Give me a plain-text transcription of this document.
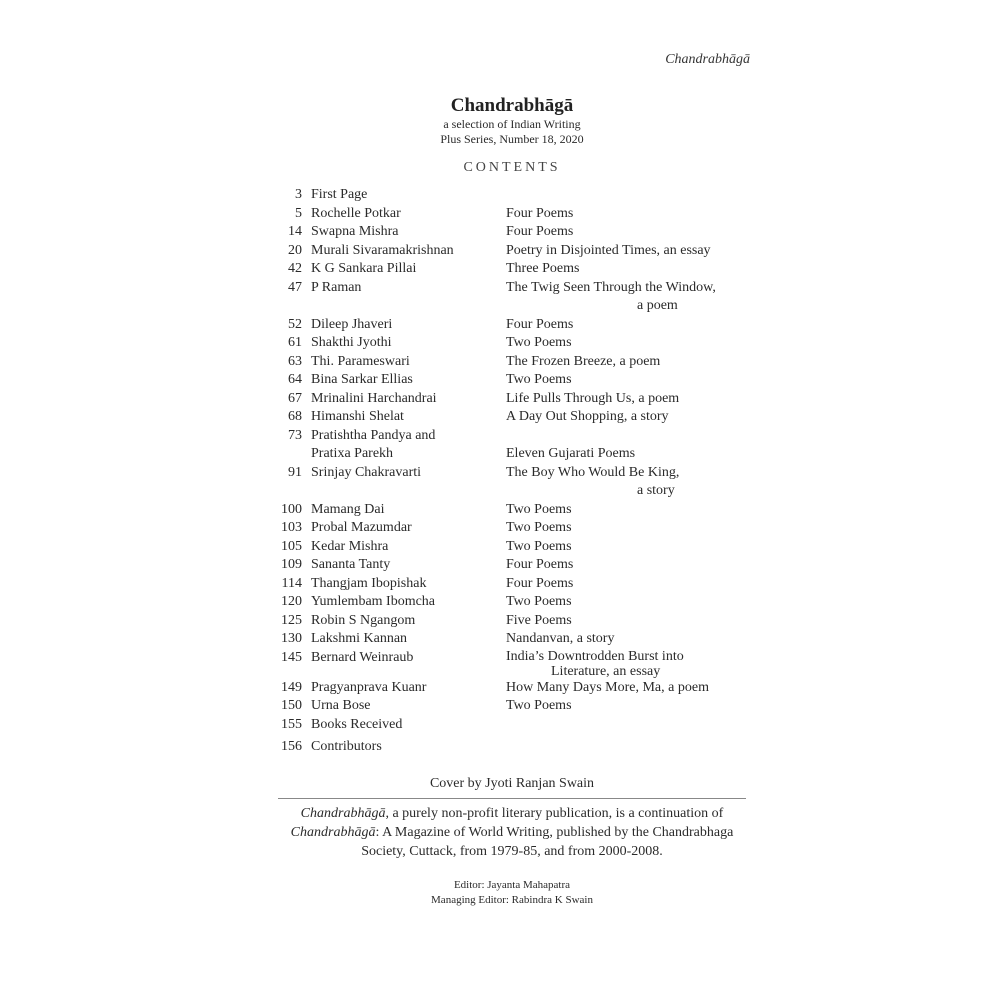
Chandrabhāgā
Chandrabhāgā
a selection of Indian Writing
Plus Series, Number 18, 2020
CONTENTS
3 First Page
5 Rochelle Potkar	Four Poems
14 Swapna Mishra	Four Poems
20 Murali Sivaramakrishnan	Poetry in Disjointed Times, an essay
42 K G Sankara Pillai	Three Poems
47 P Raman	The Twig Seen Through the Window,
a poem
52 Dileep Jhaveri	Four Poems
61 Shakthi Jyothi	Two Poems
63 Thi. Parameswari	The Frozen Breeze, a poem
64 Bina Sarkar Ellias	Two Poems
67 Mrinalini Harchandrai	Life Pulls Through Us, a poem
68 Himanshi Shelat	A Day Out Shopping, a story
73 Pratishtha Pandya and
Pratixa Parekh	Eleven Gujarati Poems
91 Srinjay Chakravarti	The Boy Who Would Be King,
a story
100 Mamang Dai	Two Poems
103 Probal Mazumdar	Two Poems
105 Kedar Mishra	Two Poems
109 Sananta Tanty	Four Poems
114 Thangjam Ibopishak	Four Poems
120 Yumlembam Ibomcha	Two Poems
125 Robin S Ngangom	Five Poems
130 Lakshmi Kannan	Nandanvan, a story
145 Bernard Weinraub	India’s Downtrodden Burst into
Literature, an essay
149 Pragyanprava Kuanr	How Many Days More, Ma, a poem
150 Urna Bose	Two Poems
155 Books Received
156 Contributors
Cover by Jyoti Ranjan Swain
Chandrabhāgā, a purely non-profit literary publication, is a continuation of Chandrabhāgā: A Magazine of World Writing, published by the Chandrabhaga Society, Cuttack, from 1979-85, and from 2000-2008.
Editor: Jayanta Mahapatra
Managing Editor: Rabindra K Swain
